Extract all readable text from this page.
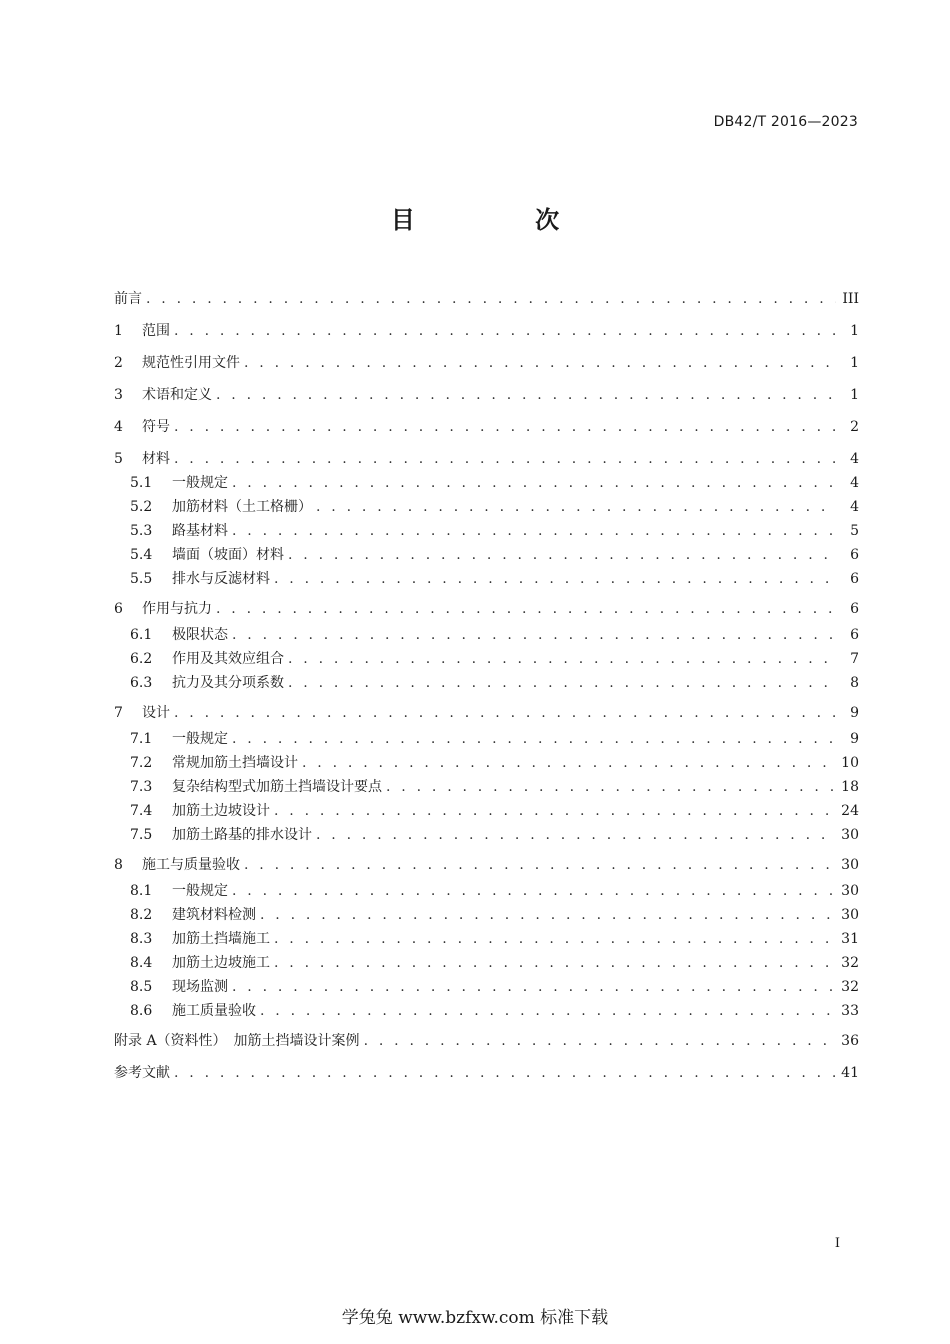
DB42/T 2016—2023
目 次
前言 . . .	III
1	范围 . . .	1
2	规范性引用文件 . . .	1
3	术语和定义 . . .	1
4	符号 . . .	2
5	材料 . . .	4
5.1	一般规定 . . .	4
5.2	加筋材料（土工格栅） . . .	4
5.3	路基材料 . . .	5
5.4	墙面（坡面）材料 . . .	6
5.5	排水与反滤材料 . . .	6
6	作用与抗力 . . .	6
6.1	极限状态 . . .	6
6.2	作用及其效应组合 . . .	7
6.3	抗力及其分项系数 . . .	8
7	设计 . . .	9
7.1	一般规定 . . .	9
7.2	常规加筋土挡墙设计 . . .	10
7.3	复杂结构型式加筋土挡墙设计要点 . . .	18
7.4	加筋土边坡设计 . . .	24
7.5	加筋土路基的排水设计 . . .	30
8	施工与质量验收 . . .	30
8.1	一般规定 . . .	30
8.2	建筑材料检测 . . .	30
8.3	加筋土挡墙施工 . . .	31
8.4	加筋土边坡施工 . . .	32
8.5	现场监测 . . .	32
8.6	施工质量验收 . . .	33
附录 A（资料性）　加筋土挡墙设计案例 . . .	36
参考文献 . . .	41
I
学兔兔 www.bzfxw.com 标准下载
